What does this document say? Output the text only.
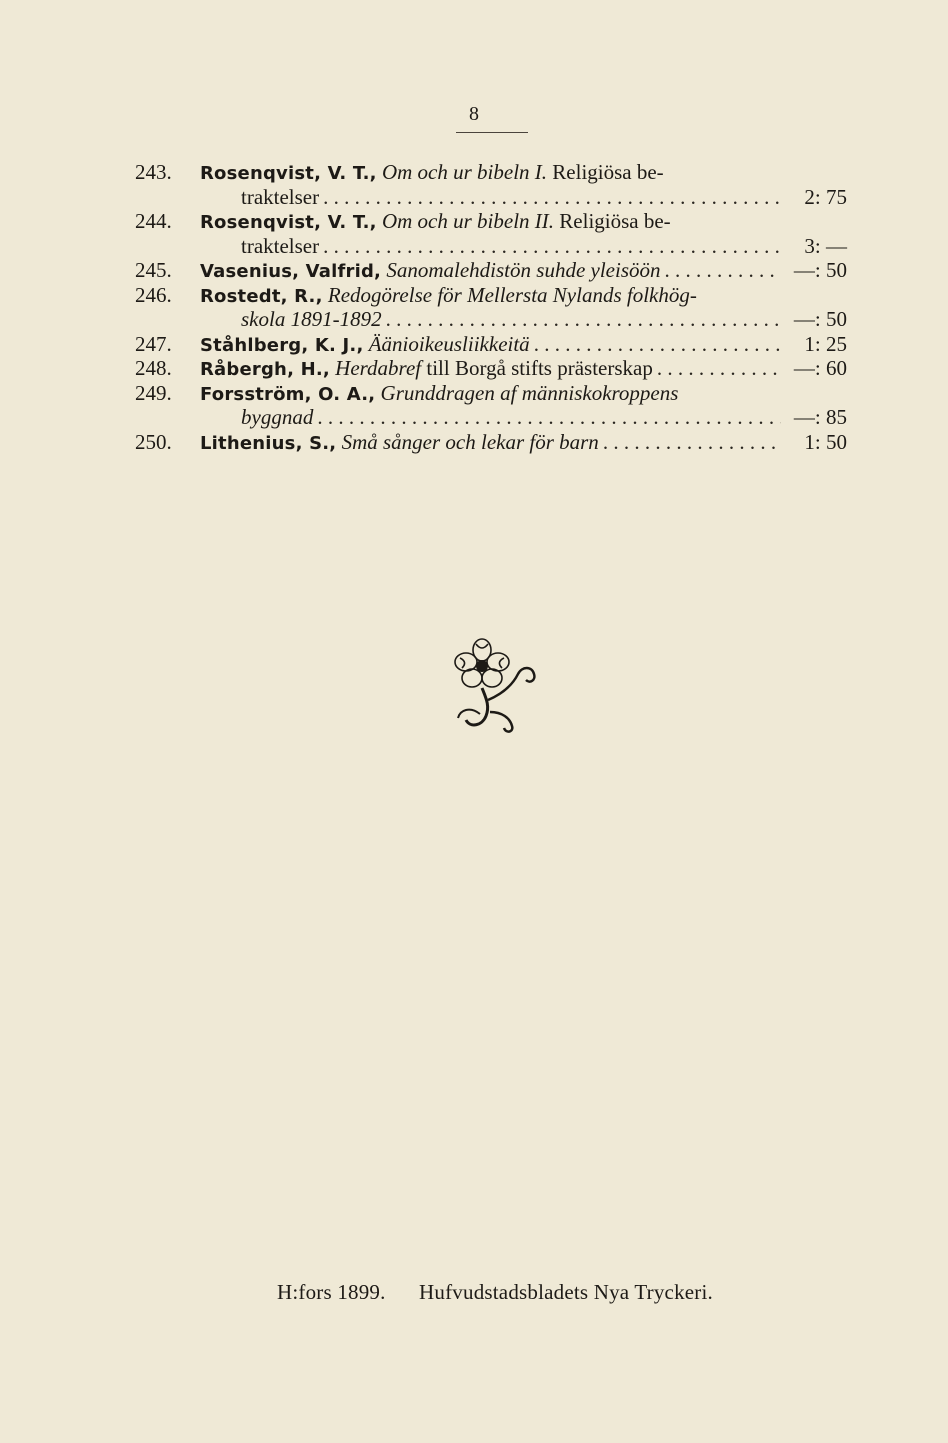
8
243.	Rosenqvist, V. T.,
Om och ur bibeln I.
Religiösa be-
traktelser . . .	2: 75
244.	Rosenqvist, V. T.,
Om och ur bibeln II.
Religiösa be-
traktelser . . .	3: —
245.	Vasenius, Valfrid,
Sanomalehdistön suhde yleisöön . . .	—: 50
246.	Rostedt, R.,
Redogörelse för Mellersta Nylands folkhög-
skola 1891-1892 . . .	—: 50
247.	Ståhlberg, K. J.,
Äänioikeusliikkeitä . . .	1: 25
248.	Råbergh, H.,
Herdabref
till Borgå stifts prästerskap . . .	—: 60
249.	Forsström, O. A.,
Grunddragen af människokroppens
byggnad . . .	—: 85
250.	Lithenius, S.,
Små sånger och lekar för barn . . .	1: 50
H:fors 1899. Hufvudstadsbladets Nya Tryckeri.
